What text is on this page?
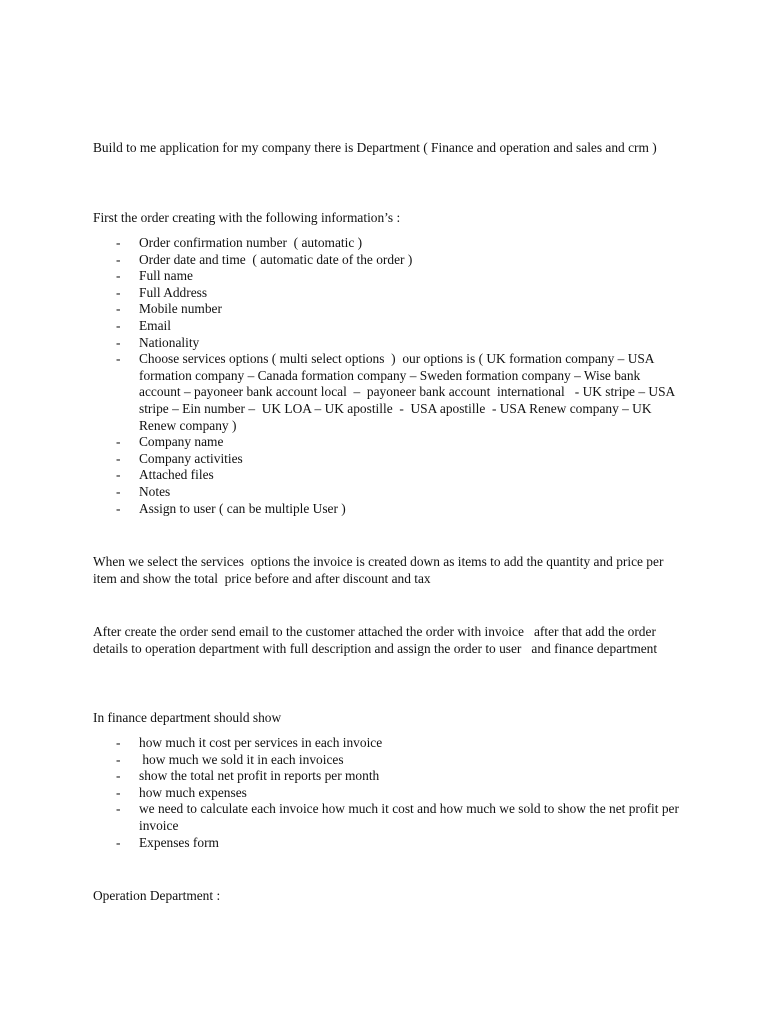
Build to me application for my company there is Department ( Finance and operation and sales and crm )

First the order creating with the following information’s :

- Order confirmation number  ( automatic )
- Order date and time  ( automatic date of the order )
- Full name
- Full Address
- Mobile number
- Email
- Nationality
- Choose services options ( multi select options  )  our options is ( UK formation company – USA formation company – Canada formation company – Sweden formation company – Wise bank account – payoneer bank account local  –  payoneer bank account  international   - UK stripe – USA stripe – Ein number –  UK LOA – UK apostille  -  USA apostille  - USA Renew company – UK Renew company )
- Company name
- Company activities
- Attached files
- Notes
- Assign to user ( can be multiple User )

When we select the services  options the invoice is created down as items to add the quantity and price per item and show the total  price before and after discount and tax

After create the order send email to the customer attached the order with invoice   after that add the order details to operation department with full description and assign the order to user   and finance department

In finance department should show

- how much it cost per services in each invoice
- how much we sold it in each invoices
- show the total net profit in reports per month
- how much expenses
- we need to calculate each invoice how much it cost and how much we sold to show the net profit per invoice
- Expenses form

Operation Department :
